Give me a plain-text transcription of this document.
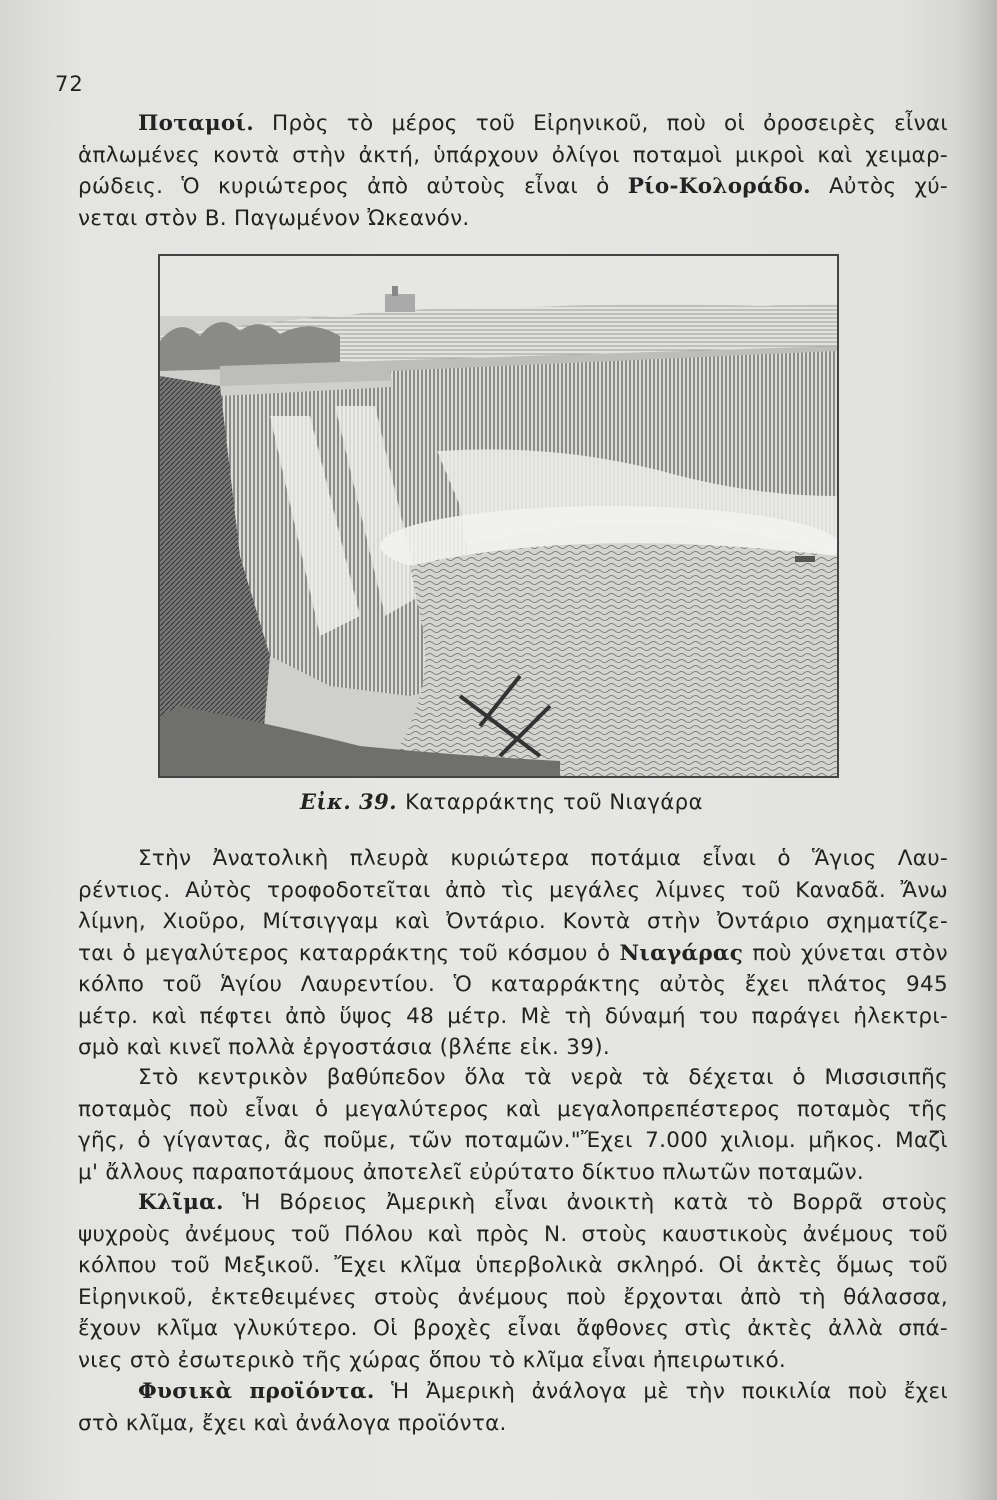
72
Ποταμοί. Πρὸς τὸ μέρος τοῦ Εἰρηνικοῦ, ποὺ οἱ ὀροσειρὲς εἶναι
ἁπλωμένες κοντὰ στὴν ἀκτή, ὑπάρχουν ὀλίγοι ποταμοὶ μικροὶ καὶ χειμαρ-
ρώδεις. Ὁ κυριώτερος ἀπὸ αὐτοὺς εἶναι ὁ Ρίο-Κολοράδο. Αὐτὸς χύ-
νεται στὸν Β. Παγωμένον Ὠκεανόν.
Εἰκ. 39. Καταρράκτης τοῦ Νιαγάρα
Στὴν Ἀνατολικὴ πλευρὰ κυριώτερα ποτάμια εἶναι ὁ Ἅγιος Λαυ-
ρέντιος. Αὐτὸς τροφοδοτεῖται ἀπὸ τὶς μεγάλες λίμνες τοῦ Καναδᾶ. Ἄνω
λίμνη, Χιοῦρο, Μίτσιγγαμ καὶ Ὀντάριο. Κοντὰ στὴν Ὀντάριο σχηματίζε-
ται ὁ μεγαλύτερος καταρράκτης τοῦ κόσμου ὁ Νιαγάρας ποὺ χύνεται στὸν
κόλπο τοῦ Ἁγίου Λαυρεντίου. Ὁ καταρράκτης αὐτὸς ἔχει πλάτος 945
μέτρ. καὶ πέφτει ἀπὸ ὕψος 48 μέτρ. Μὲ τὴ δύναμή του παράγει ἠλεκτρι-
σμὸ καὶ κινεῖ πολλὰ ἐργοστάσια (βλέπε εἰκ. 39).
Στὸ κεντρικὸν βαθύπεδον ὅλα τὰ νερὰ τὰ δέχεται ὁ Μισσισιπῆς
ποταμὸς ποὺ εἶναι ὁ μεγαλύτερος καὶ μεγαλοπρεπέστερος ποταμὸς τῆς
γῆς, ὁ γίγαντας, ἂς ποῦμε, τῶν ποταμῶν."Ἔχει 7.000 χιλιομ. μῆκος. Μαζὶ
μ' ἄλλους παραποτάμους ἀποτελεῖ εὐρύτατο δίκτυο πλωτῶν ποταμῶν.
Κλῖμα. Ἡ Βόρειος Ἀμερικὴ εἶναι ἀνοικτὴ κατὰ τὸ Βορρᾶ στοὺς
ψυχροὺς ἀνέμους τοῦ Πόλου καὶ πρὸς Ν. στοὺς καυστικοὺς ἀνέμους τοῦ
κόλπου τοῦ Μεξικοῦ. Ἔχει κλῖμα ὑπερβολικὰ σκληρό. Οἱ ἀκτὲς ὅμως τοῦ
Εἰρηνικοῦ, ἐκτεθειμένες στοὺς ἀνέμους ποὺ ἔρχονται ἀπὸ τὴ θάλασσα,
ἔχουν κλῖμα γλυκύτερο. Οἱ βροχὲς εἶναι ἄφθονες στὶς ἀκτὲς ἀλλὰ σπά-
νιες στὸ ἐσωτερικὸ τῆς χώρας ὅπου τὸ κλῖμα εἶναι ἠπειρωτικό.
Φυσικὰ προϊόντα. Ἡ Ἀμερικὴ ἀνάλογα μὲ τὴν ποικιλία ποὺ ἔχει
στὸ κλῖμα, ἔχει καὶ ἀνάλογα προϊόντα.
